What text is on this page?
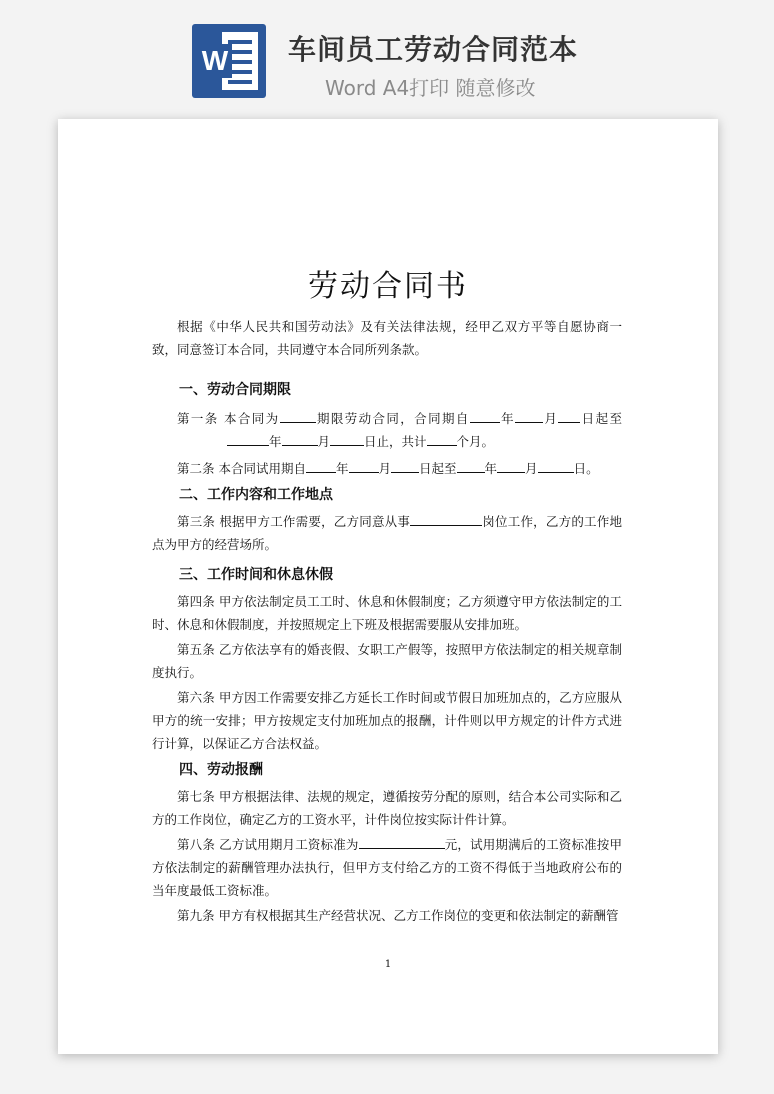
W 车间员工劳动合同范本
Word A4打印 随意修改
劳动合同书

根据《中华人民共和国劳动法》及有关法律法规，经甲乙双方平等自愿协商一致，同意签订本合同，共同遵守本合同所列条款。

一、劳动合同期限

第一条 本合同为	期限劳动合同，合同期自 年 月 日起至年	月	日止，共计 个月。

第二条 本合同试用期自 年 月 日起至 年 月	日。

二、工作内容和工作地点

第三条 根据甲方工作需要，乙方同意从事	岗位工作，乙方的工作地点为甲方的经营场所。

三、工作时间和休息休假

第四条 甲方依法制定员工工时、休息和休假制度；乙方须遵守甲方依法制定的工时、休息和休假制度，并按照规定上下班及根据需要服从安排加班。

第五条 乙方依法享有的婚丧假、女职工产假等，按照甲方依法制定的相关规章制度执行。

第六条 甲方因工作需要安排乙方延长工作时间或节假日加班加点的，乙方应服从甲方的统一安排；甲方按规定支付加班加点的报酬，计件则以甲方规定的计件方式进行计算，以保证乙方合法权益。

四、劳动报酬

第七条 甲方根据法律、法规的规定，遵循按劳分配的原则，结合本公司实际和乙方的工作岗位，确定乙方的工资水平，计件岗位按实际计件计算。

第八条 乙方试用期月工资标准为	元，试用期满后的工资标准按甲方依法制定的薪酬管理办法执行，但甲方支付给乙方的工资不得低于当地政府公布的当年度最低工资标准。

第九条 甲方有权根据其生产经营状况、乙方工作岗位的变更和依法制定的薪酬管

1
